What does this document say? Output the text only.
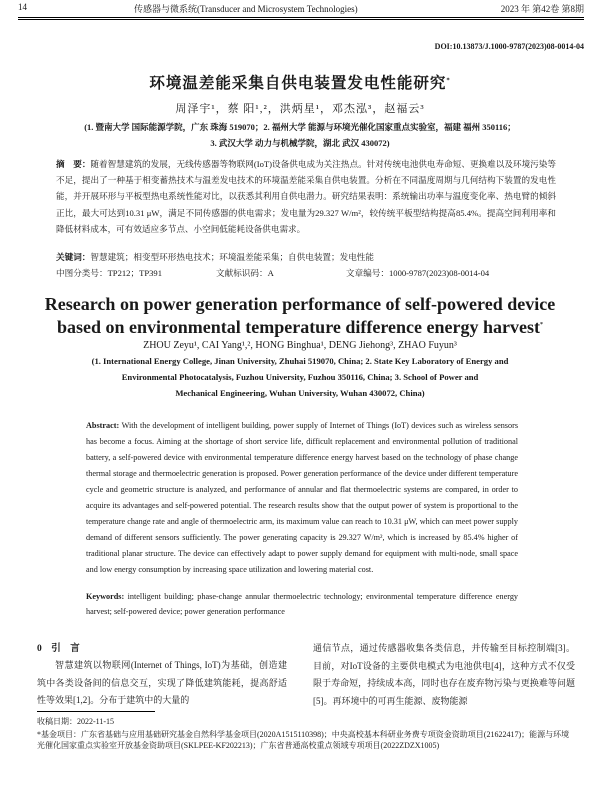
14	传感器与微系统(Transducer and Microsystem Technologies)	2023 年 第42卷 第8期
DOI:10.13873/J.1000-9787(2023)08-0014-04
环境温差能采集自供电装置发电性能研究*
周泽宇¹，蔡 阳¹,²，洪炳星¹，邓杰泓³，赵福云³
(1. 暨南大学 国际能源学院，广东 珠海 519070；2. 福州大学 能源与环境光催化国家重点实验室，福建 福州 350116；
3. 武汉大学 动力与机械学院，湖北 武汉 430072)
摘　要：随着智慧建筑的发展，无线传感器等物联网(IoT)设备供电成为关注热点。针对传统电池供电寿命短、更换难以及环境污染等不足，提出了一种基于相变蓄热技术与温差发电技术的环境温差能采集自供电装置。分析在不同温度周期与几何结构下装置的发电性能，并开展环形与平板型热电系统性能对比，以获悉其利用自供电潜力。研究结果表明：系统输出功率与温度变化率、热电臂的倾斜正比，最大可达到10.31 μW，满足不同传感器的供电需求；发电量为29.327 W/m²，较传统平板型结构提高85.4%。提高空间利用率和降低材料成本，可有效适应多节点、小空间低能耗设备供电需求。
关键词：智慧建筑；相变型环形热电技术；环境温差能采集；自供电装置；发电性能
中图分类号：TP212；TP391	文献标识码：A	文章编号：1000-9787(2023)08-0014-04
Research on power generation performance of self-powered device
based on environmental temperature difference energy harvest*
ZHOU Zeyu¹, CAI Yang¹,², HONG Binghua¹, DENG Jiehong³, ZHAO Fuyun³
(1. International Energy College, Jinan University, Zhuhai 519070, China; 2. State Key Laboratory of Energy and
Environmental Photocatalysis, Fuzhou University, Fuzhou 350116, China; 3. School of Power and
Mechanical Engineering, Wuhan University, Wuhan 430072, China)
Abstract: With the development of intelligent building, power supply of Internet of Things (IoT) devices such as wireless sensors has become a focus. Aiming at the shortage of short service life, difficult replacement and environmental pollution of traditional battery, a self-powered device with environmental temperature difference energy harvest based on the technology of phase change thermal storage and thermoelectric generation is proposed. Power generation performance of the device under different temperature cycle and geometric structure is analyzed, and performance of annular and flat thermoelectric systems are compared, in order to acquire its advantages and self-powered potential. The research results show that the output power of system is proportional to the temperature change rate and angle of thermoelectric arm, its maximum value can reach to 10.31 μW, which can meet power supply demand of different sensors sufficiently. The power generating capacity is 29.327 W/m², which is increased by 85.4% higher of traditional planar structure. The device can effectively adapt to power supply demand for equipment with multi-node, small space and low energy consumption by increasing space utilization and lowering material cost.
Keywords: intelligent building; phase-change annular thermoelectric technology; environmental temperature difference energy harvest; self-powered device; power generation performance
0　引　言
智慧建筑以物联网(Internet of Things, IoT)为基础，创造建筑中各类设备间的信息交互，实现了降低建筑能耗，提高舒适性等效果[1,2]。分布于建筑中的大量的
通信节点，通过传感器收集各类信息，并传输至目标控制端[3]。目前，对IoT设备的主要供电模式为电池供电[4]，这种方式不仅受限于寿命短，持续成本高，同时也存在废弃物污染与更换难等问题[5]。再环境中的可再生能源、废物能源
收稿日期：2022-11-15
*基金项目：广东省基础与应用基础研究基金自然科学基金项目(2020A1515110398)；中央高校基本科研业务费专项资金资助项目(21622417)；能源与环境光催化国家重点实验室开放基金资助项目(SKLPEE-KF202213)；广东省普通高校重点领域专项项目(2022ZDZX1005)
